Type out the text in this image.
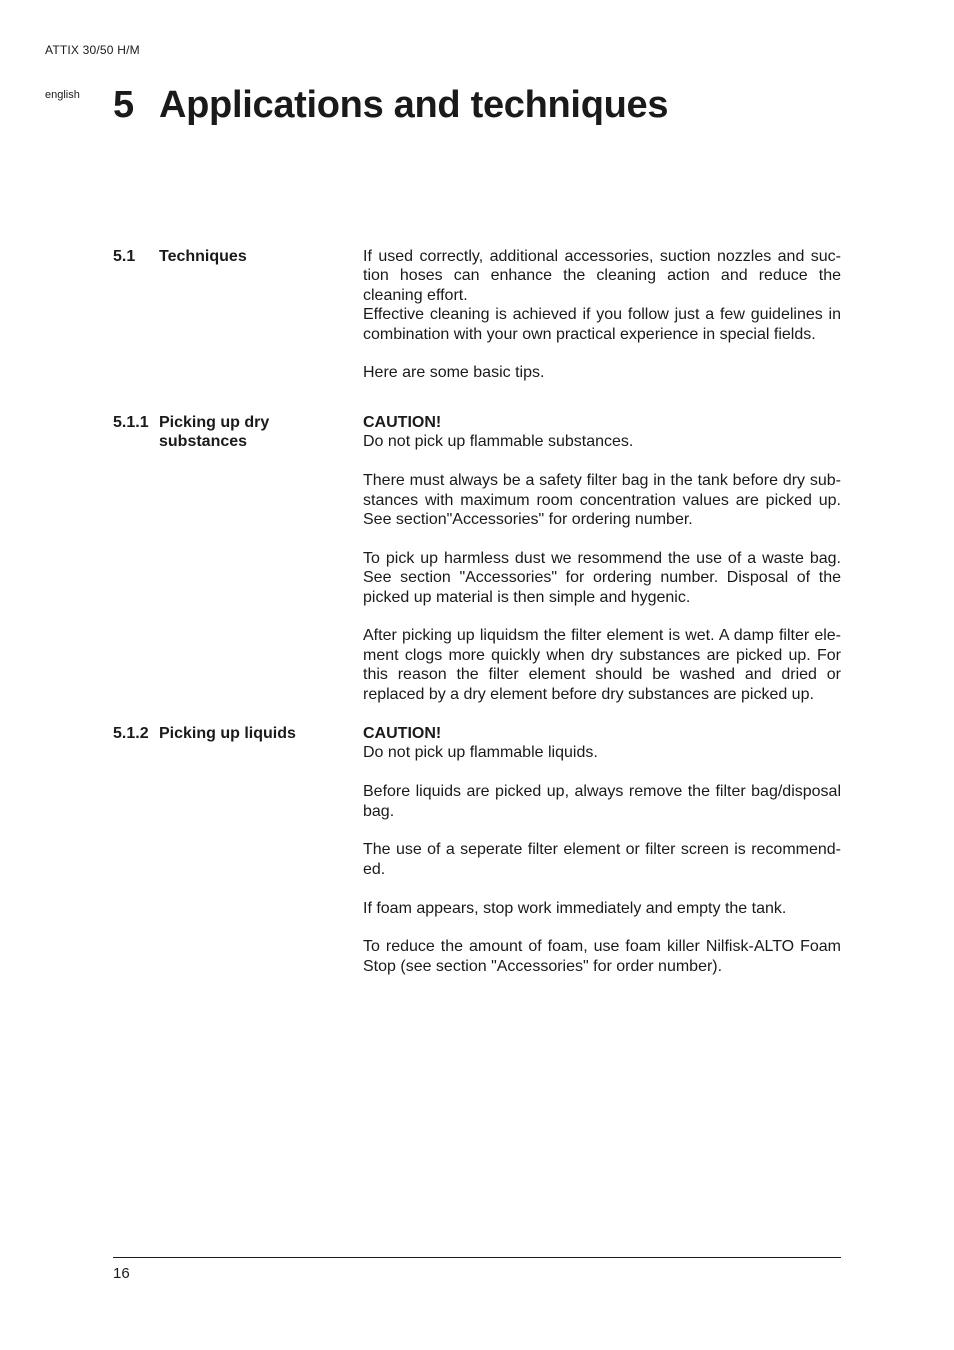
ATTIX 30/50 H/M
english 5 Applications and techniques
5.1 Techniques	If used correctly, additional accessories, suction nozzles and suction hoses can enhance the cleaning action and reduce the cleaning effort.

Effective cleaning is achieved if you follow just a few guidelines in combination with your own practical experience in special fields.

Here are some basic tips.

5.1.1 Picking up dry substances

CAUTION!

Do not pick up flammable substances.

There must always be a safety filter bag in the tank before dry substances with maximum room concentration values are picked up. See section"Accessories" for ordering number.

To pick up harmless dust we resommend the use of a waste bag. See section "Accessories" for ordering number. Disposal of the picked up material is then simple and hygenic.

After picking up liquidsm the filter element is wet. A damp filter element clogs more quickly when dry substances are picked up. For this reason the filter element should be washed and dried or replaced by a dry element before dry substances are picked up.

5.1.2 Picking up liquids	CAUTION!

Do not pick up flammable liquids.

Before liquids are picked up, always remove the filter bag/disposal bag.

The use of a seperate filter element or filter screen is recommended.

If foam appears, stop work immediately and empty the tank.

To reduce the amount of foam, use foam killer Nilfisk-ALTO Foam Stop (see section "Accessories" for order number).

16
